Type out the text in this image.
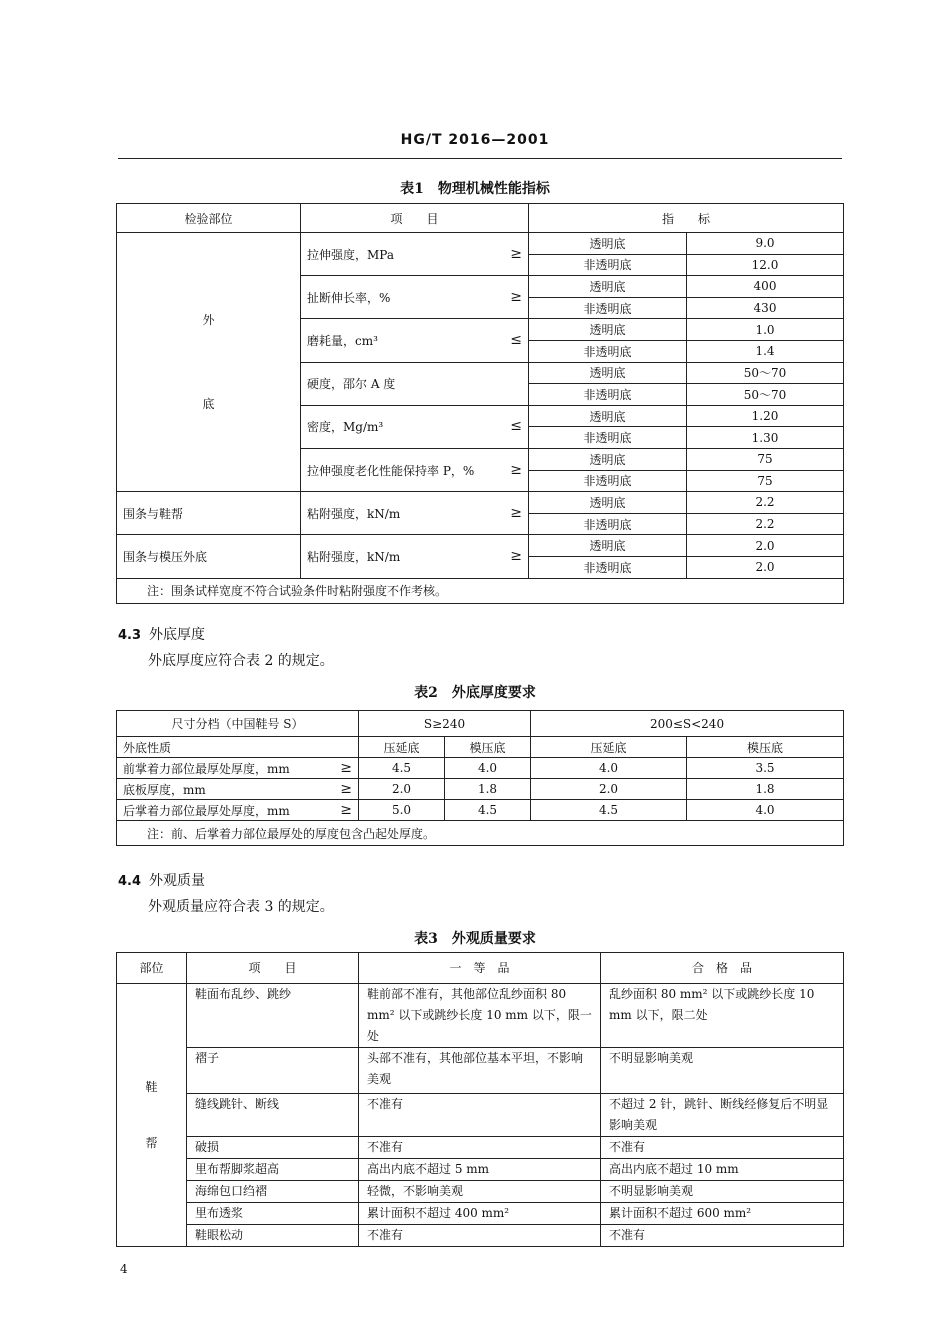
HG/T 2016—2001
表1　物理机械性能指标
检验部位	项　　目	指　　标	
外
底	拉伸强度，MPa ≥	透明底	9.0
		非透明底	12.0
	扯断伸长率，% ≥	透明底	400
		非透明底	430
	磨耗量，cm³ ≤	透明底	1.0
		非透明底	1.4
	硬度，邵尔 A 度	透明底	50～70
		非透明底	50～70
	密度，Mg/m³ ≤	透明底	1.20
		非透明底	1.30
	拉伸强度老化性能保持率 P，% ≥	透明底	75
		非透明底	75
围条与鞋帮	粘附强度，kN/m ≥	透明底	2.2
		非透明底	2.2
围条与模压外底	粘附强度，kN/m ≥	透明底	2.0
		非透明底	2.0
注：围条试样宽度不符合试验条件时粘附强度不作考核。			
4.3 外底厚度
外底厚度应符合表 2 的规定。
表2　外底厚度要求
尺寸分档（中国鞋号 S）	S≥240		200≤S<240	
外底性质	压延底	模压底	压延底	模压底
前掌着力部位最厚处厚度，mm ≥	4.5	4.0	4.0	3.5
底板厚度，mm ≥	2.0	1.8	2.0	1.8
后掌着力部位最厚处厚度，mm ≥	5.0	4.5	4.5	4.0
注：前、后掌着力部位最厚处的厚度包含凸起处厚度。				
4.4 外观质量
外观质量应符合表 3 的规定。
表3　外观质量要求
部位	项　　目	一　等　品	合　格　品
鞋
帮	鞋面布乱纱、跳纱	鞋前部不准有，其他部位乱纱面积 80 mm² 以下或跳纱长度 10 mm 以下，限一处	乱纱面积 80 mm² 以下或跳纱长度 10 mm 以下，限二处
	褶子	头部不准有，其他部位基本平坦，不影响美观	不明显影响美观
	缝线跳针、断线	不准有	不超过 2 针，跳针、断线经修复后不明显影响美观
	破损	不准有	不准有
	里布帮脚浆超高	高出内底不超过 5 mm	高出内底不超过 10 mm
	海绵包口绉褶	轻微，不影响美观	不明显影响美观
	里布透浆	累计面积不超过 400 mm²	累计面积不超过 600 mm²
	鞋眼松动	不准有	不准有
4
